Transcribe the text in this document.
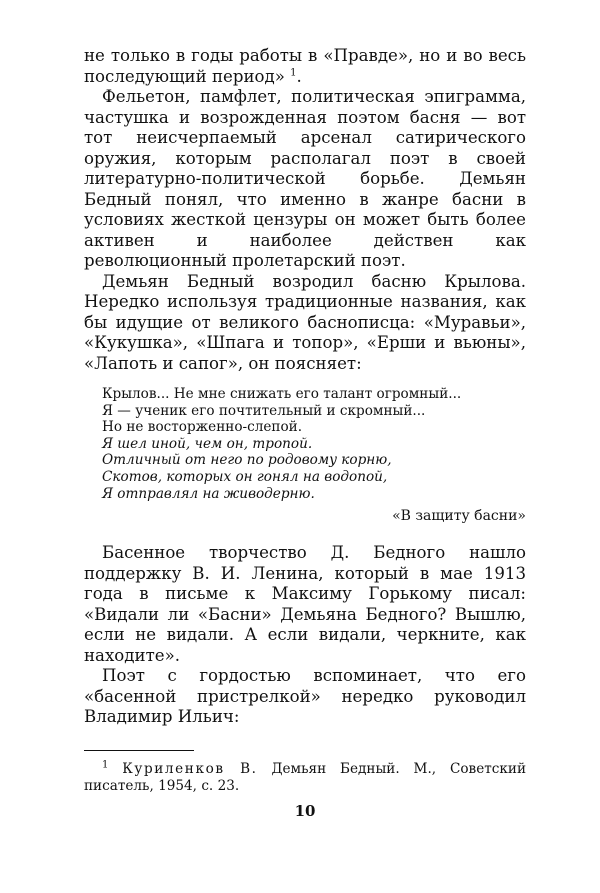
не только в годы работы в «Правде», но и во весь последующий период» $^1$.

Фельетон, памфлет, политическая эпиграмма, частушка и возрожденная поэтом басня — вот тот неисчерпаемый арсенал сатирического оружия, которым располагал поэт в своей литературно-политической борьбе. Демьян Бедный понял, что именно в жанре басни в условиях жесткой цензуры он может быть более активен и наиболее действен как революционный пролетарский поэт.

Демьян Бедный возродил басню Крылова. Нередко используя традиционные названия, как бы идущие от великого баснописца: «Муравьи», «Кукушка», «Шпага и топор», «Ерши и вьюны», «Лапоть и сапог», он поясняет:

Крылов... Не мне снижать его талант огромный...
Я — ученик его почтительный и скромный...
Но не восторженно-слепой.
Я шел иной, чем он, тропой.
Отличный от него по родовому корню,
Скотов, которых он гонял на водопой,
Я отправлял на живодерню.
«В защиту басни»

Басенное творчество Д. Бедного нашло поддержку В. И. Ленина, который в мае 1913 года в письме к Максиму Горькому писал: «Видали ли «Басни» Демьяна Бедного? Вышлю, если не видали. А если видали, черкните, как находите».

Поэт с гордостью вспоминает, что его «басенной пристрелкой» нередко руководил Владимир Ильич:

$^1$ Куриленков В. Демьян Бедный. М., Советский писатель, 1954, с. 23.

10
